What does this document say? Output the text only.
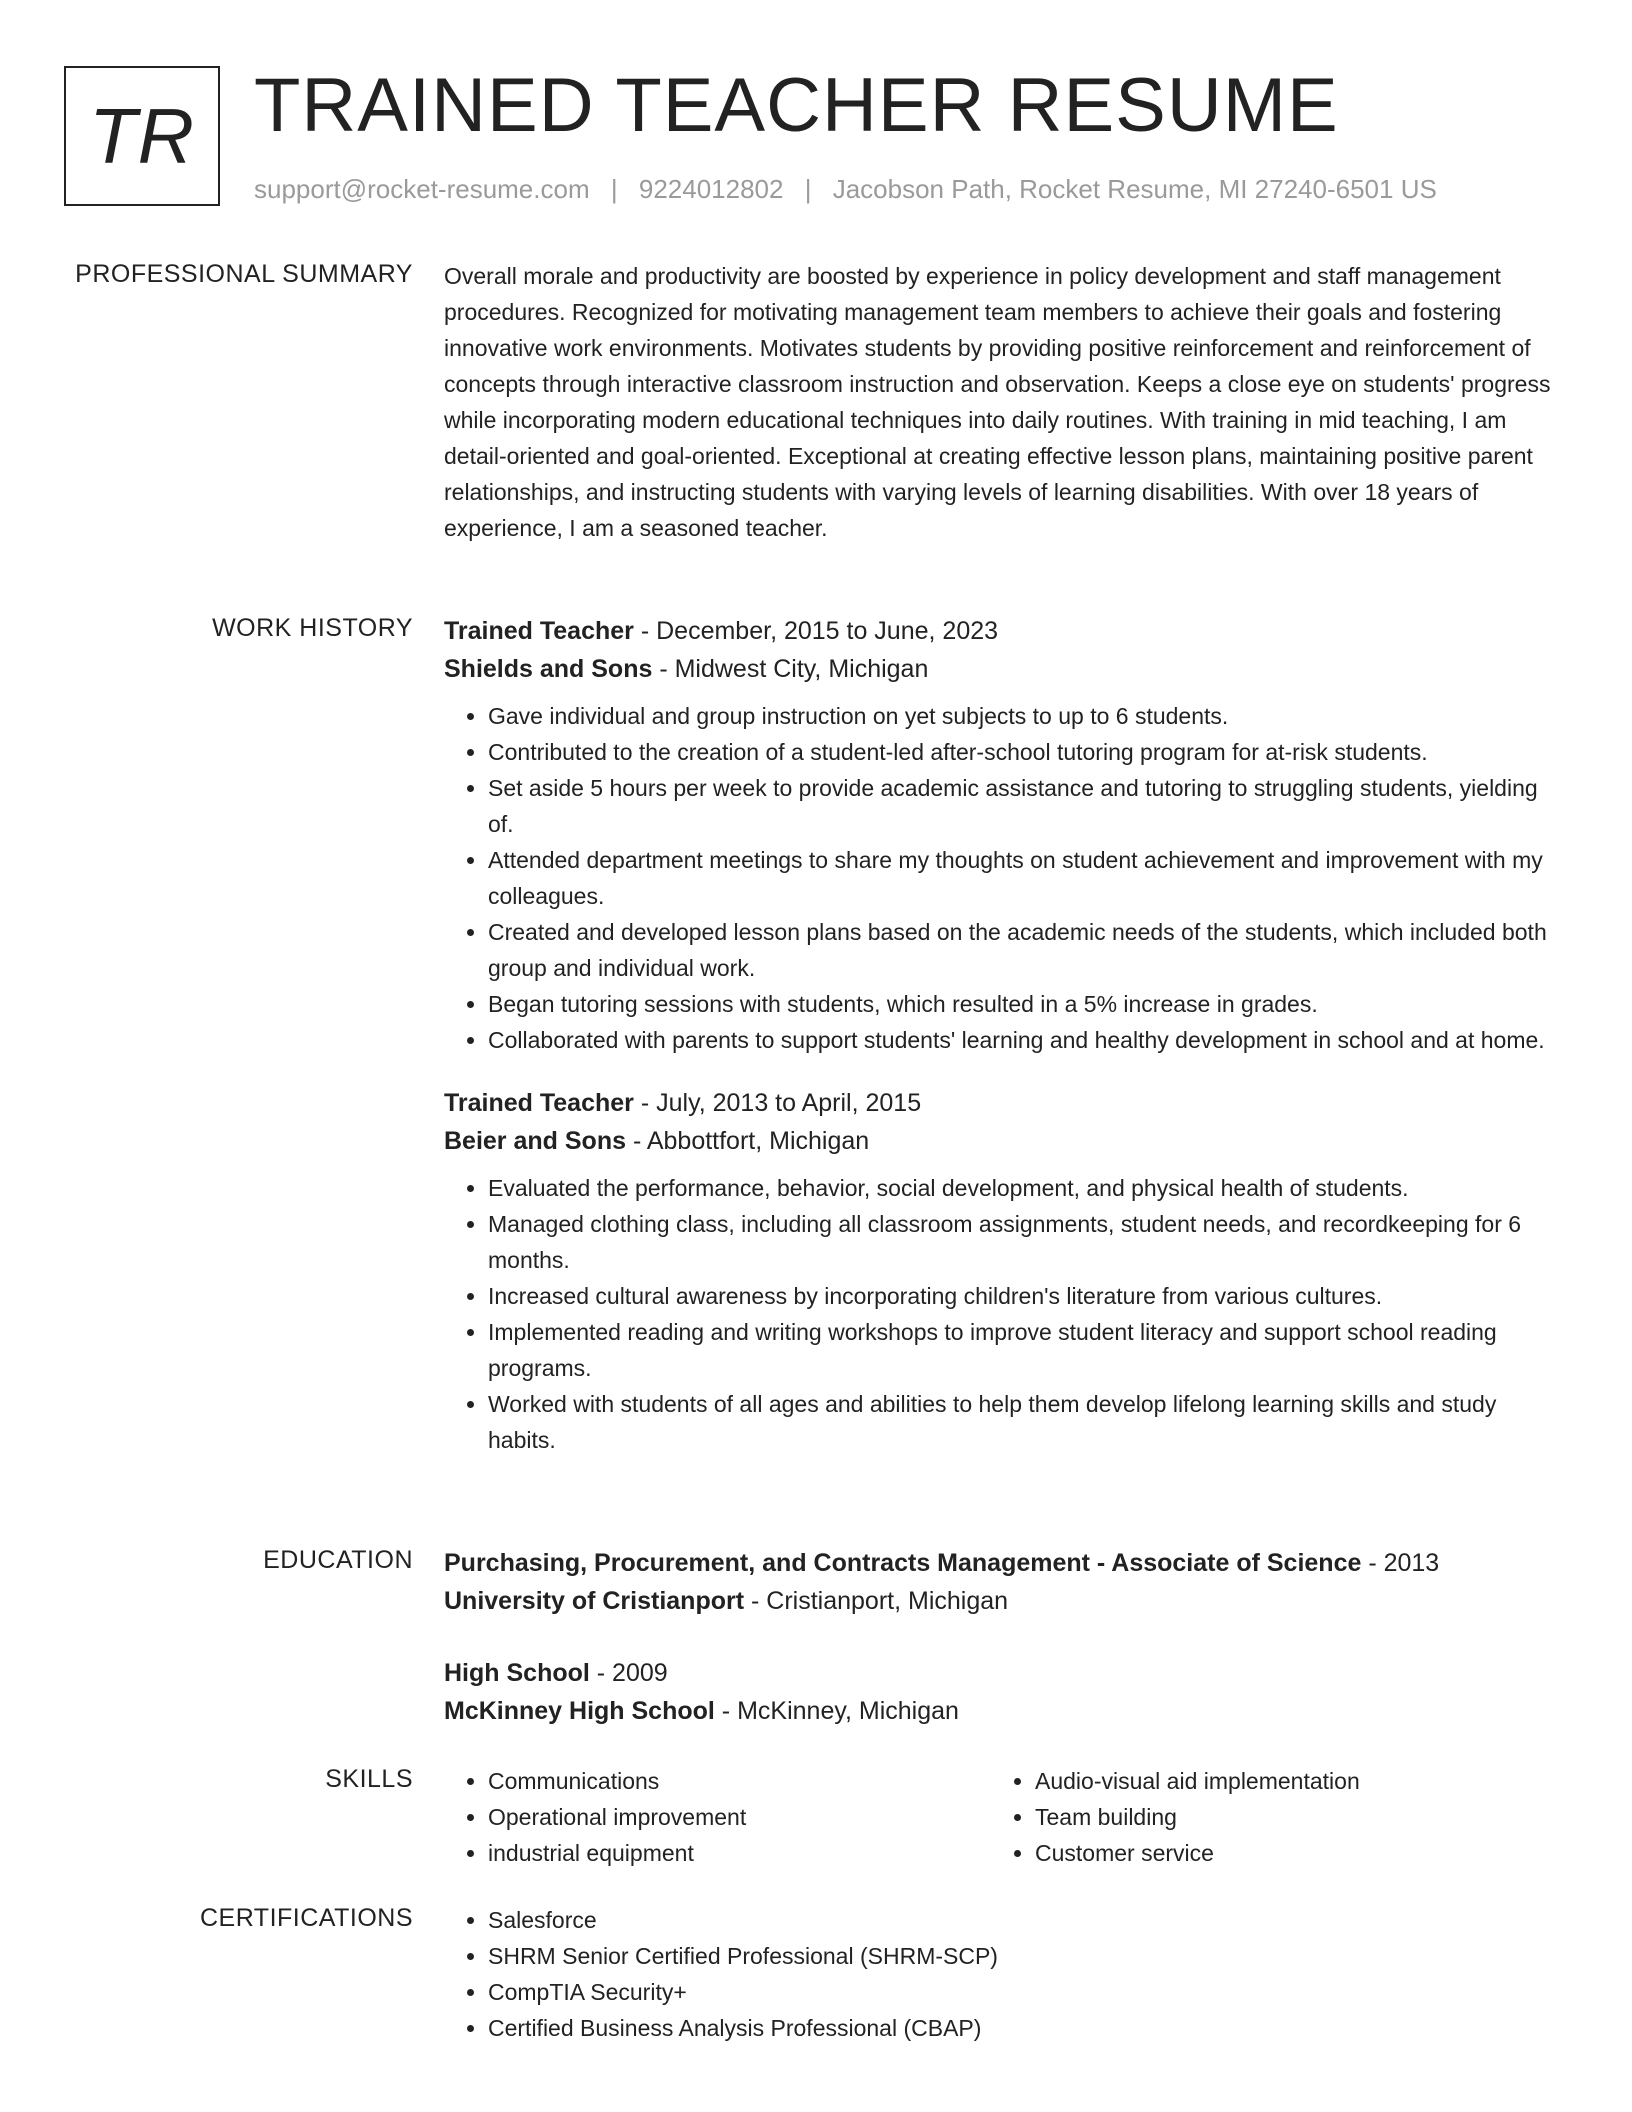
TR TRAINED TEACHER RESUME
support@rocket-resume.com | 9224012802 | Jacobson Path, Rocket Resume, MI 27240-6501 US
PROFESSIONAL SUMMARY Overall morale and productivity are boosted by experience in policy development and staff management procedures. Recognized for motivating management team members to achieve their goals and fostering innovative work environments. Motivates students by providing positive reinforcement and reinforcement of concepts through interactive classroom instruction and observation. Keeps a close eye on students' progress while incorporating modern educational techniques into daily routines. With training in mid teaching, I am detail-oriented and goal-oriented. Exceptional at creating effective lesson plans, maintaining positive parent relationships, and instructing students with varying levels of learning disabilities. With over 18 years of experience, I am a seasoned teacher.

WORK HISTORY Trained Teacher - December, 2015 to June, 2023
Shields and Sons - Midwest City, Michigan
• Gave individual and group instruction on yet subjects to up to 6 students.
• Contributed to the creation of a student-led after-school tutoring program for at-risk students.
• Set aside 5 hours per week to provide academic assistance and tutoring to struggling students, yielding of.
• Attended department meetings to share my thoughts on student achievement and improvement with my colleagues.
• Created and developed lesson plans based on the academic needs of the students, which included both group and individual work.
• Began tutoring sessions with students, which resulted in a 5% increase in grades.
• Collaborated with parents to support students' learning and healthy development in school and at home.
Trained Teacher - July, 2013 to April, 2015
Beier and Sons - Abbottfort, Michigan
• Evaluated the performance, behavior, social development, and physical health of students.
• Managed clothing class, including all classroom assignments, student needs, and recordkeeping for 6 months.
• Increased cultural awareness by incorporating children's literature from various cultures.
• Implemented reading and writing workshops to improve student literacy and support school reading programs.
• Worked with students of all ages and abilities to help them develop lifelong learning skills and study habits.
EDUCATION Purchasing, Procurement, and Contracts Management - Associate of Science - 2013
University of Cristianport - Cristianport, Michigan
High School - 2009
McKinney High School - McKinney, Michigan
SKILLS	• Communications
• Operational improvement
• industrial equipment
• Audio-visual aid implementation
• Team building
• Customer service
CERTIFICATIONS	• Salesforce
• SHRM Senior Certified Professional (SHRM-SCP)
• CompTIA Security+
• Certified Business Analysis Professional (CBAP)
